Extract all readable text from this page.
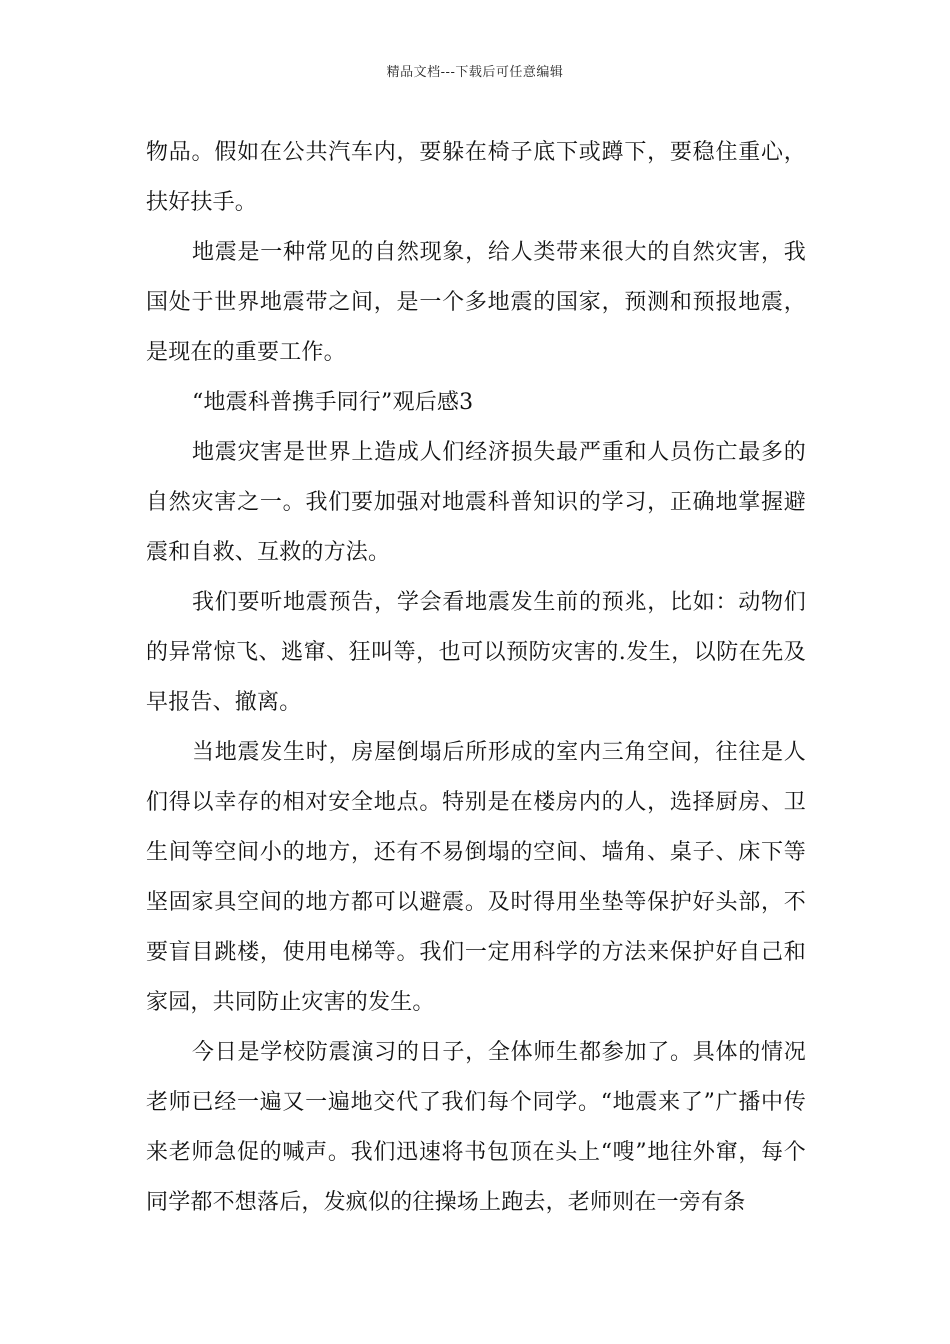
精品文档---下载后可任意编辑

物品。假如在公共汽车内，要躲在椅子底下或蹲下，要稳住重心，扶好扶手。

地震是一种常见的自然现象，给人类带来很大的自然灾害，我国处于世界地震带之间，是一个多地震的国家，预测和预报地震，是现在的重要工作。

“地震科普携手同行”观后感3

地震灾害是世界上造成人们经济损失最严重和人员伤亡最多的自然灾害之一。我们要加强对地震科普知识的学习，正确地掌握避震和自救、互救的方法。

我们要听地震预告，学会看地震发生前的预兆，比如：动物们的异常惊飞、逃窜、狂叫等，也可以预防灾害的.发生，以防在先及早报告、撤离。

当地震发生时，房屋倒塌后所形成的室内三角空间，往往是人们得以幸存的相对安全地点。特别是在楼房内的人，选择厨房、卫生间等空间小的地方，还有不易倒塌的空间、墙角、桌子、床下等坚固家具空间的地方都可以避震。及时得用坐垫等保护好头部，不要盲目跳楼，使用电梯等。我们一定用科学的方法来保护好自己和家园，共同防止灾害的发生。

今日是学校防震演习的日子，全体师生都参加了。具体的情况老师已经一遍又一遍地交代了我们每个同学。“地震来了”广播中传来老师急促的喊声。我们迅速将书包顶在头上“嗖”地往外窜，每个同学都不想落后，发疯似的往操场上跑去，老师则在一旁有条
